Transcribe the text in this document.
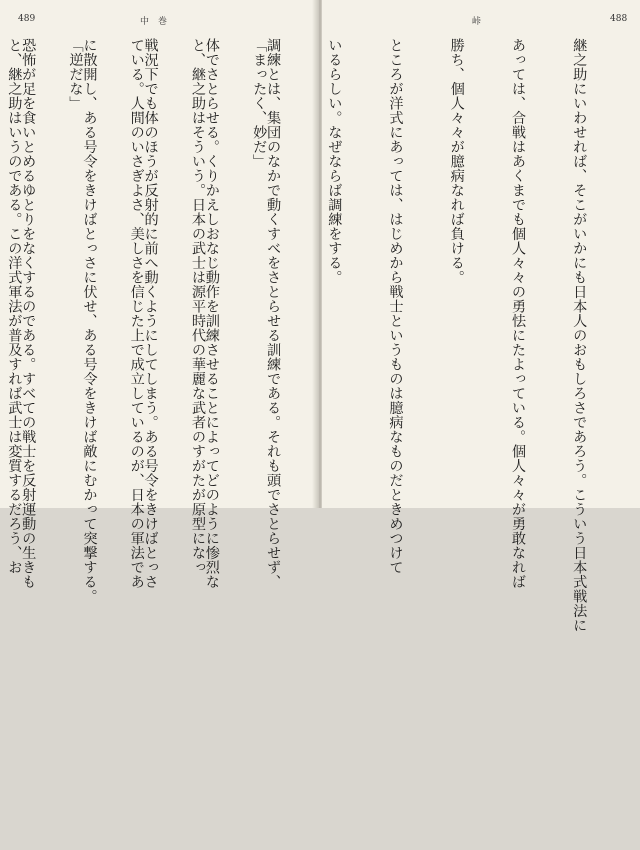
489	中　巻

「まったく、妙だ」

と、継之助はそういう。日本の武士は源平時代の華麗な武者のすがたが原型になっ

ている。人間のいさぎよさ、美しさを信じた上で成立しているのが、日本の軍法であ

「逆だな」

と、継之助はいうのである。この洋式軍法が普及すれば武士は変質するだろう、お

峠	488

継之助にいわせれば、そこがいかにも日本人のおもしろさであろう。こういう日本式戦法に

あっては、合戦はあくまでも個人々々の勇怯にたよっている。個人々々が勇敢なれば

勝ち、個人々々が臆病なれば負ける。

ところが洋式にあっては、はじめから戦士というものは臆病なものだときめつけて

いるらしい。なぜならば調練をする。

調練とは、集団のなかで動くすべをさとらせる訓練である。それも頭でさとらせず、

体でさとらせる。くりかえしおなじ動作を訓練させることによってどのように惨烈な

戦況下でも体のほうが反射的に前へ動くようにしてしまう。ある号令をきけばとっさ

に散開し、ある号令をきけばとっさに伏せ、ある号令をきけば敵にむかって突撃する。

恐怖が足を食いとめるゆとりをなくするのである。すべての戦士を反射運動の生きも
